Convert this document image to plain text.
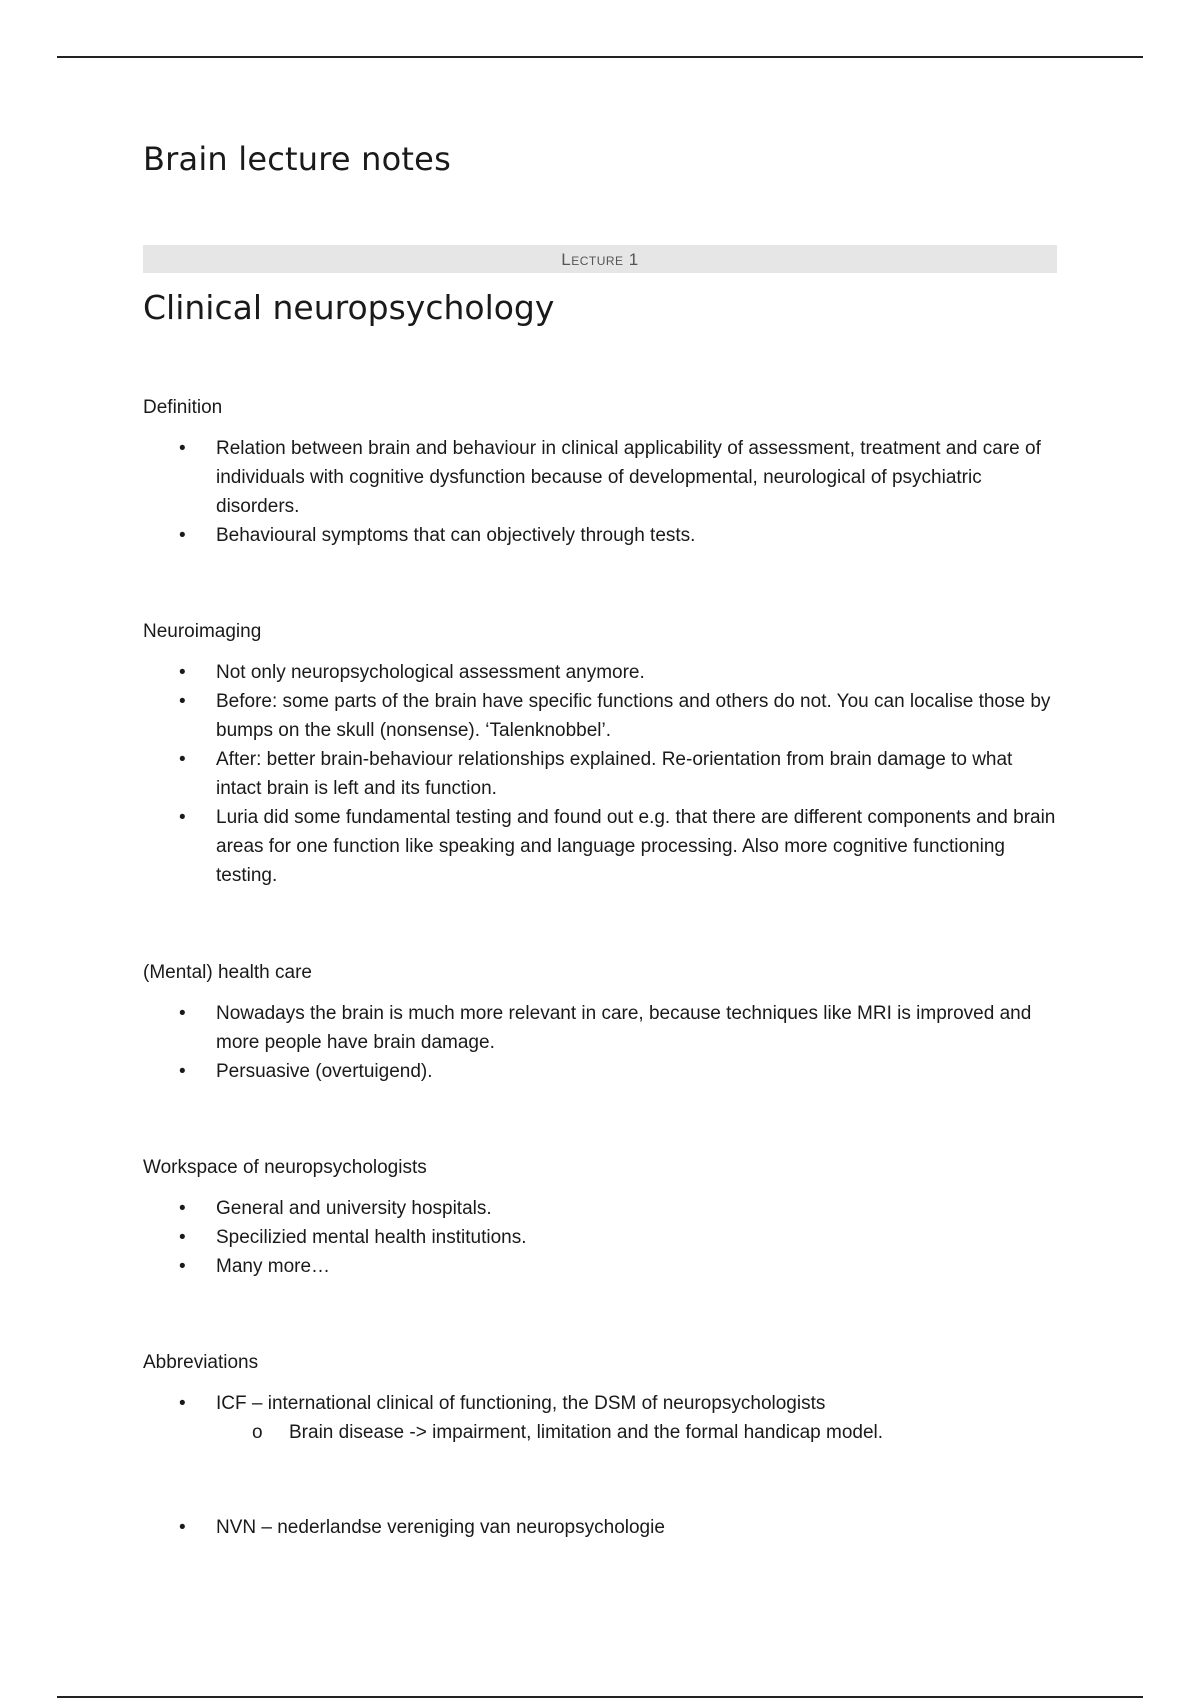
Brain lecture notes
Lecture 1
Clinical neuropsychology

Definition

• Relation between brain and behaviour in clinical applicability of assessment, treatment and care of individuals with cognitive dysfunction because of developmental, neurological of psychiatric disorders.
• Behavioural symptoms that can objectively through tests.

Neuroimaging

• Not only neuropsychological assessment anymore.
• Before: some parts of the brain have specific functions and others do not. You can localise those by bumps on the skull (nonsense). ‘Talenknobbel’.
• After: better brain-behaviour relationships explained. Re-orientation from brain damage to what intact brain is left and its function.
• Luria did some fundamental testing and found out e.g. that there are different components and brain areas for one function like speaking and language processing. Also more cognitive functioning testing.

(Mental) health care

• Nowadays the brain is much more relevant in care, because techniques like MRI is improved and more people have brain damage.
• Persuasive (overtuigend).

Workspace of neuropsychologists

• General and university hospitals.
• Specilizied mental health institutions.
• Many more…

Abbreviations

• ICF – international clinical of functioning, the DSM of neuropsychologists
o Brain disease -> impairment, limitation and the formal handicap model.
• NVN – nederlandse vereniging van neuropsychologie
